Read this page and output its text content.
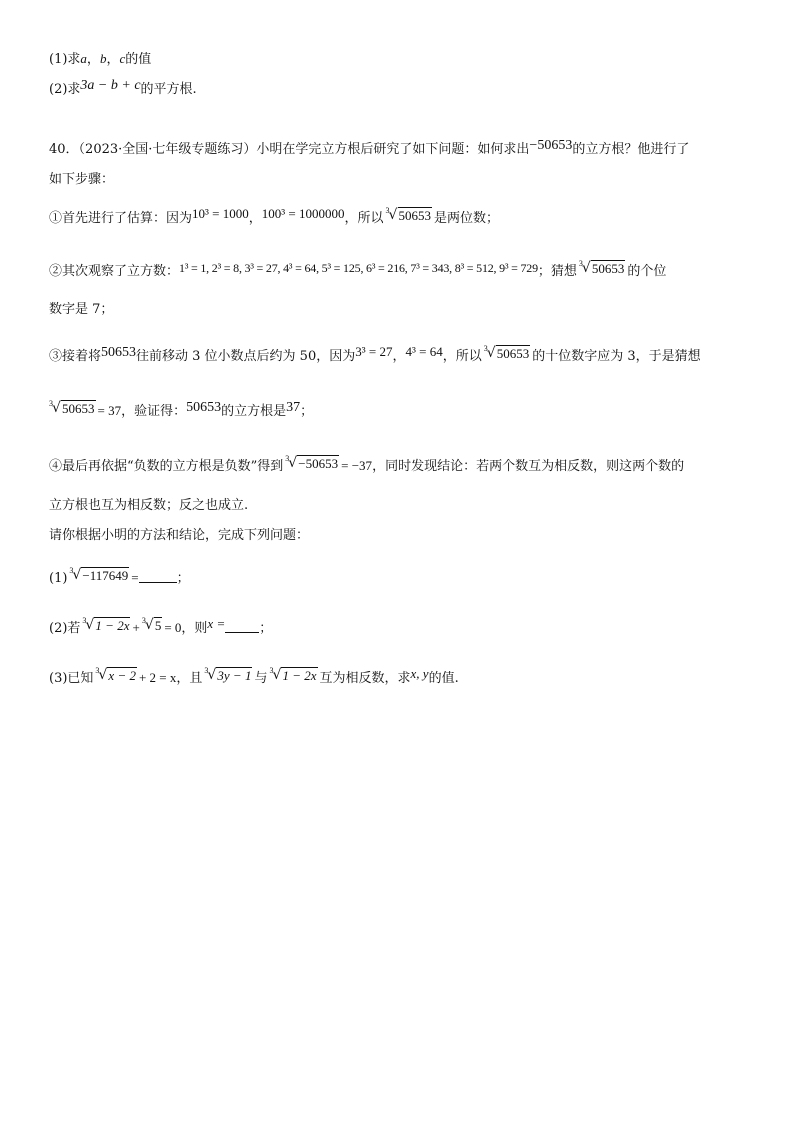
(1)求a，b，c的值
(2)求3a − b + c的平方根.
40．（2023·全国·七年级专题练习）小明在学完立方根后研究了如下问题：如何求出−50653的立方根？他进行了
如下步骤：
①首先进行了估算：因为10³ = 1000，100³ = 1000000，所以
3 √ 50653 是两位数；
②其次观察了立方数：1³ = 1, 2³ = 8, 3³ = 27, 4³ = 64, 5³ = 125, 6³ = 216, 7³ = 343, 8³ = 512, 9³ = 729；猜想
3 √ 50653 的个位
数字是 7；
③接着将50653往前移动 3 位小数点后约为 50，因为3³ = 27，4³ = 64，所以
3 √ 50653 的十位数字应为 3，于是猜想
3 √ 50653 = 37，验证得：50653的立方根是37；
④最后再依据“负数的立方根是负数”得到
3 √ −50653 = −37，同时发现结论：若两个数互为相反数，则这两个数的
立方根也互为相反数；反之也成立.
请你根据小明的方法和结论，完成下列问题：
(1)
3 √ −117649 =	；
(2)若
3 √ 1 − 2x + 3 √ 5 = 0，则x =	；
(3)已知
3 √ x − 2 + 2 = x，且
3 √ 3y − 1 与
3 √ 1 − 2x 互为相反数，求x, y的值.
